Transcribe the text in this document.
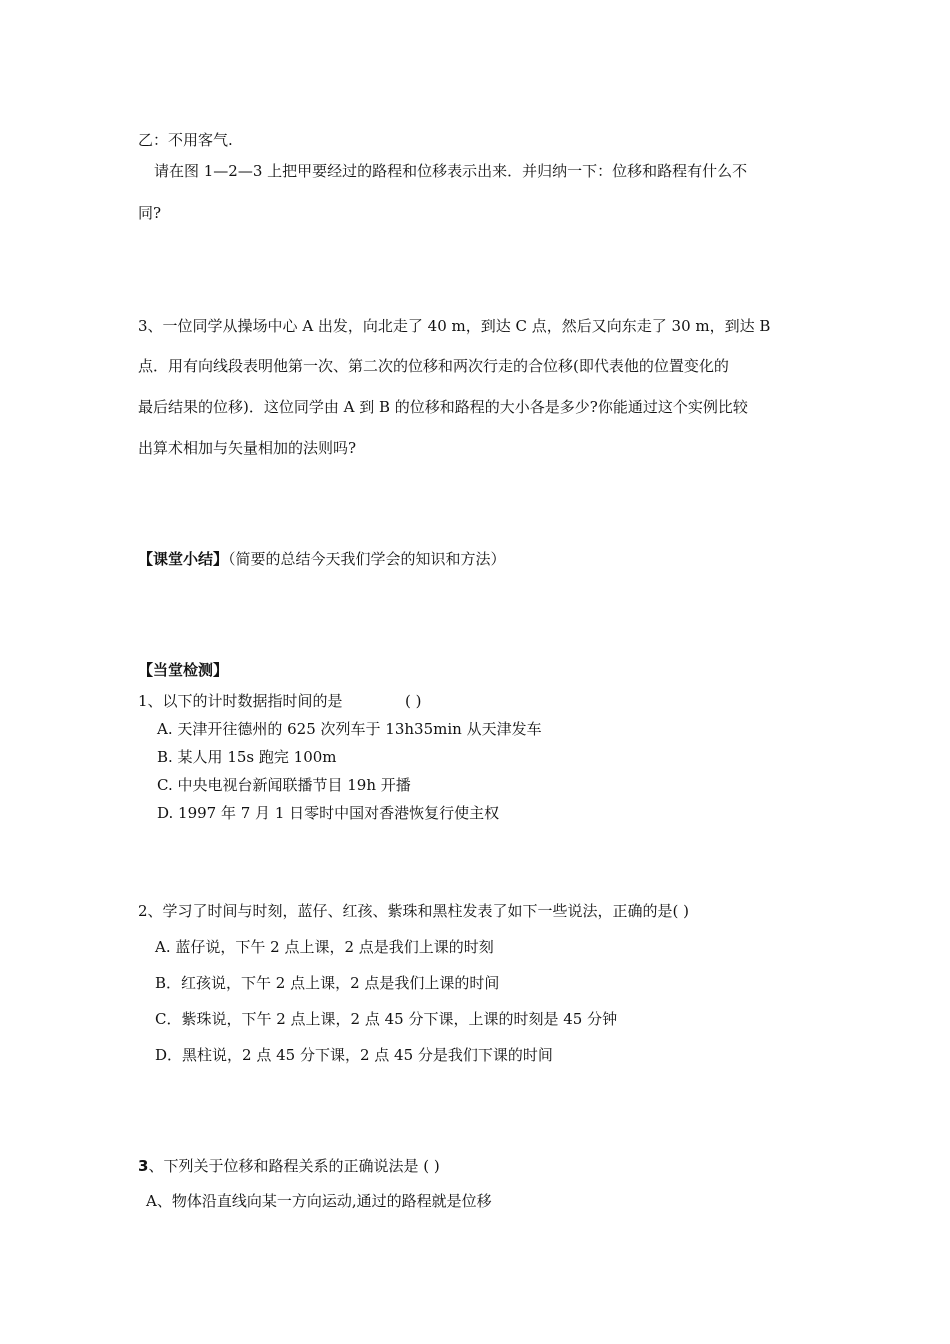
乙：不用客气.
请在图 1—2—3 上把甲要经过的路程和位移表示出来．并归纳一下：位移和路程有什么不
同?
3、一位同学从操场中心 A 出发，向北走了 40 m，到达 C 点，然后又向东走了 30 m，到达 B
点．用有向线段表明他第一次、第二次的位移和两次行走的合位移(即代表他的位置变化的
最后结果的位移)．这位同学由 A 到 B 的位移和路程的大小各是多少?你能通过这个实例比较
出算术相加与矢量相加的法则吗?
【课堂小结】（简要的总结今天我们学会的知识和方法）
【当堂检测】
1、以下的计时数据指时间的是	( )
A. 天津开往德州的 625 次列车于 13h35min 从天津发车
B. 某人用 15s 跑完 100m
C. 中央电视台新闻联播节目 19h 开播
D. 1997 年 7 月 1 日零时中国对香港恢复行使主权
2、学习了时间与时刻，蓝仔、红孩、紫珠和黑柱发表了如下一些说法，正确的是( )
A. 蓝仔说，下午 2 点上课，2 点是我们上课的时刻
B．红孩说，下午 2 点上课，2 点是我们上课的时间
C．紫珠说，下午 2 点上课，2 点 45 分下课，上课的时刻是 45 分钟
D．黑柱说，2 点 45 分下课，2 点 45 分是我们下课的时间
3、下列关于位移和路程关系的正确说法是 ( )
A、物体沿直线向某一方向运动,通过的路程就是位移
